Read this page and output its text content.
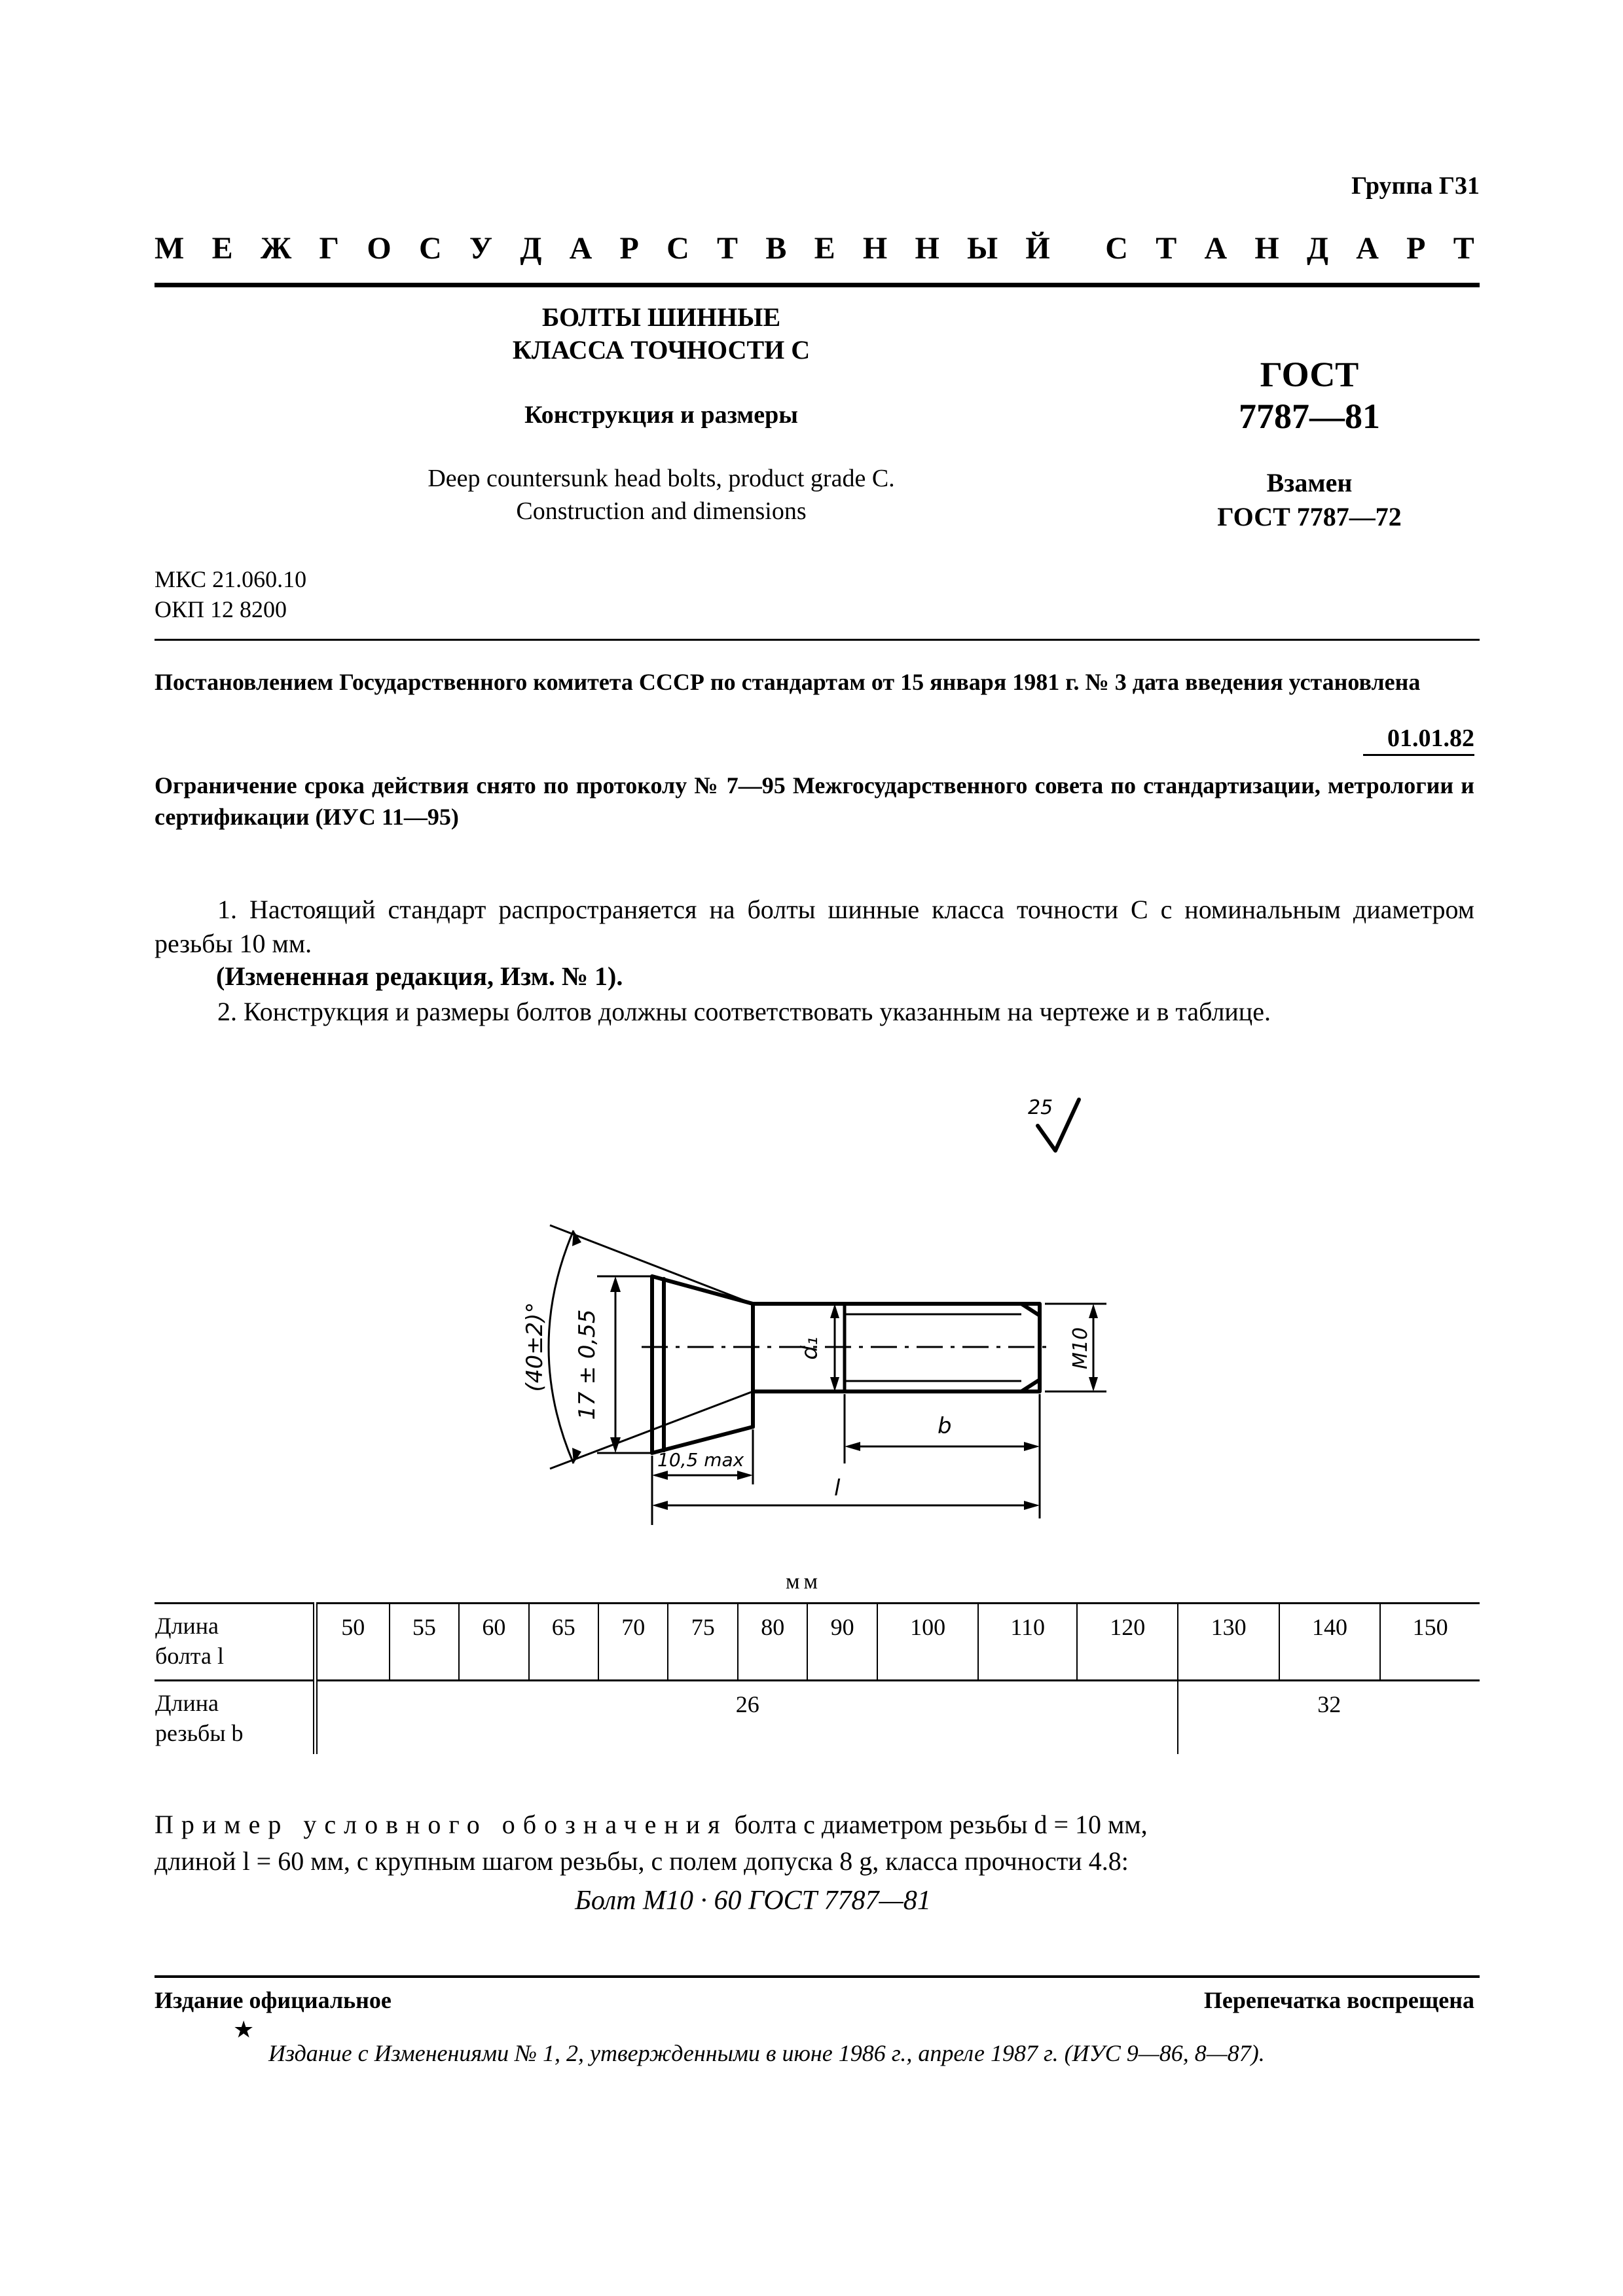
Группа Г31
М Е Ж Г О С У Д А Р С Т В Е Н Н Ы Й С Т А Н Д А Р Т
БОЛТЫ ШИННЫЕ
КЛАССА ТОЧНОСТИ С
Конструкция и размеры
Deep countersunk head bolts, product grade C.
Construction and dimensions
ГОСТ
7787—81
Взамен
ГОСТ 7787—72
МКС 21.060.10
ОКП 12 8200
Постановлением Государственного комитета СССР по стандартам от 15 января 1981 г. № 3 дата введения установлена
01.01.82
Ограничение срока действия снято по протоколу № 7—95 Межгосударственного совета по стандартизации, метрологии и сертификации (ИУС 11—95)
1. Настоящий стандарт распространяется на болты шинные класса точности С с номинальным диаметром резьбы 10 мм.
(Измененная редакция, Изм. № 1).
2. Конструкция и размеры болтов должны соответствовать указанным на чертеже и в таблице.
25
(40±2)° 17 ± 0,55	d₁	M10
b
10,5 max
l
мм
Длина
болта l	50	55	60	65	70	75	80	90	100	110	120	130	140	150

Длина
резьбы b	26											32		
Пример условного обозначения болта с диаметром резьбы d = 10 мм,
длиной l = 60 мм, с крупным шагом резьбы, с полем допуска 8 g, класса прочности 4.8:
Болт M10 · 60 ГОСТ 7787—81
Издание официальное	Перепечатка воспрещена
★
Издание с Изменениями № 1, 2, утвержденными в июне 1986 г., апреле 1987 г. (ИУС 9—86, 8—87).
